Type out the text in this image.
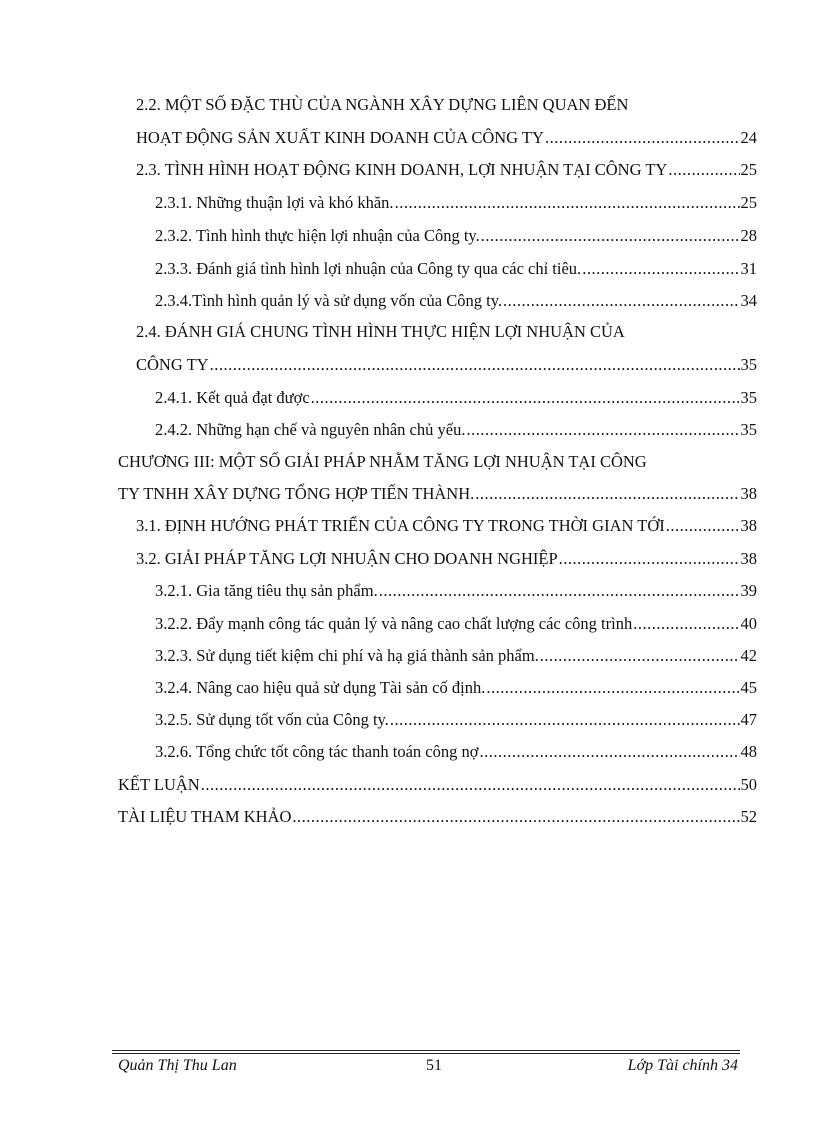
2.2. MỘT SỐ ĐẶC THÙ CỦA NGÀNH XÂY DỰNG LIÊN QUAN ĐẾN
HOẠT ĐỘNG SẢN XUẤT KINH DOANH CỦA CÔNG TY .....	24
2.3. TÌNH HÌNH HOẠT ĐỘNG KINH DOANH, LỢI NHUẬN TẠI CÔNG TY .....	25
2.3.1. Những thuận lợi và khó khăn. .....	25
2.3.2. Tình hình thực hiện lợi nhuận của Công ty. .....	28
2.3.3. Đánh giá tình hình lợi nhuận của Công ty qua các chỉ tiêu. .....	31
2.3.4.Tình hình quản lý và sử dụng vốn của Công ty. .....	34
2.4. ĐÁNH GIÁ CHUNG TÌNH HÌNH THỰC HIỆN LỢI NHUẬN CỦA
CÔNG TY .....	35
2.4.1. Kết quả đạt được .....	35
2.4.2. Những hạn chế và nguyên nhân chủ yếu. .....	35
CHƯƠNG III: MỘT SỐ GIẢI PHÁP NHẰM TĂNG LỢI NHUẬN TẠI CÔNG
TY TNHH XÂY DỰNG TỔNG HỢP TIẾN THÀNH. .....	38
3.1. ĐỊNH HƯỚNG PHÁT TRIỂN CỦA CÔNG TY TRONG THỜI GIAN TỚI .....	38
3.2. GIẢI PHÁP TĂNG LỢI NHUẬN CHO DOANH NGHIỆP .....	38
3.2.1. Gia tăng tiêu thụ sản phẩm. .....	39
3.2.2. Đẩy mạnh công tác quản lý và nâng cao chất lượng các công trình .....	40
3.2.3. Sử dụng tiết kiệm chi phí và hạ giá thành sản phẩm. .....	42
3.2.4. Nâng cao hiệu quả sử dụng Tài sản cố định. .....	45
3.2.5. Sử dụng tốt vốn của Công ty. .....	47
3.2.6. Tổng chức tốt công tác thanh toán công nợ .....	48
KẾT LUẬN .....	50
TÀI LIỆU THAM KHẢO .....	52
Quản Thị Thu Lan	51	Lớp Tài chính 34
